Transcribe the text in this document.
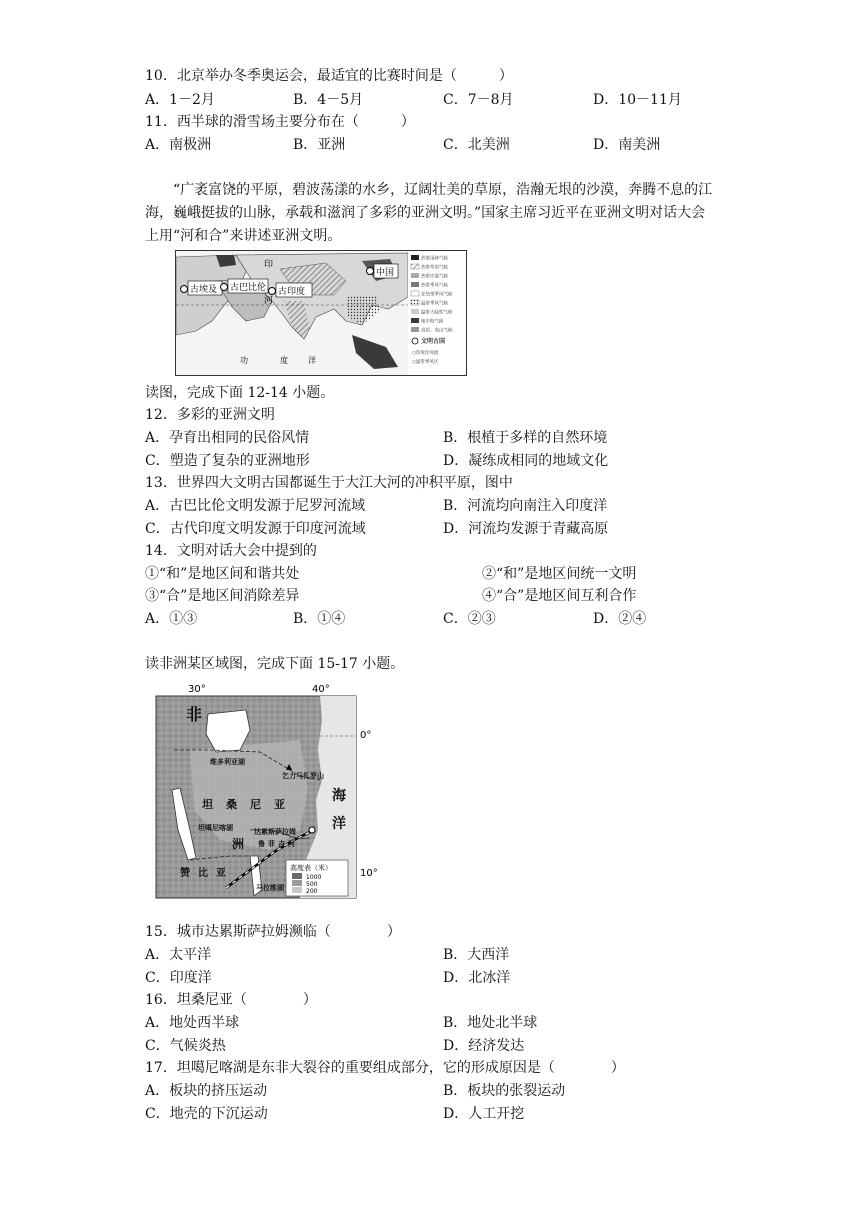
10．北京举办冬季奥运会，最适宜的比赛时间是（　　　）
A．1－2月	B．4－5月	C．7－8月	D．10－11月
11．西半球的滑雪场主要分布在（　　　）
A．南极洲	B．亚洲	C．北美洲	D．南美洲
“广袤富饶的平原，碧波荡漾的水乡，辽阔壮美的草原，浩瀚无垠的沙漠，奔腾不息的江海，巍峨挺拔的山脉，承载和滋润了多彩的亚洲文明。”国家主席习近平在亚洲文明对话大会上用“河和合”来讲述亚洲文明。
古埃及 古巴比伦 古印度
中国
印
河
功	度	洋
热带雨林气候
热带草原气候
热带沙漠气候
热带季风气候
亚热带季风气候
温带季风气候
温带大陆性气候
地中海气候
高原、高山气候
文明古国
○印度洋河流
○温带季风区
读图，完成下面 12-14 小题。
12．多彩的亚洲文明
A．孕育出相同的民俗风情	B．根植于多样的自然环境
C．塑造了复杂的亚洲地形	D．凝练成相同的地域文化
13．世界四大文明古国都诞生于大江大河的冲积平原，图中
A．古巴比伦文明发源于尼罗河流域	B．河流均向南注入印度洋
C．古代印度文明发源于印度河流域	D．河流均发源于青藏高原
14．文明对话大会中提到的
①“和”是地区间和谐共处	②“和”是地区间统一文明
③“合”是地区间消除差异	④“合”是地区间互利合作
A．①③	B．①④	C．②③	D．②④
读非洲某区域图，完成下面 15-17 小题。
30°	40°
0°
10°
非
维多利亚湖
乞力马扎罗山
坦 桑 尼 亚
坦噶尼喀湖
洲
达累斯萨拉姆
鲁 菲 吉 河
海
洋
赞 比 亚
马拉维湖
高度表（米）
1000
500
200
15．城市达累斯萨拉姆濒临（　　　　）
A．太平洋	B．大西洋
C．印度洋	D．北冰洋
16．坦桑尼亚（　　　　）
A．地处西半球	B．地处北半球
C．气候炎热	D．经济发达
17．坦噶尼喀湖是东非大裂谷的重要组成部分，它的形成原因是（　　　　）
A．板块的挤压运动	B．板块的张裂运动
C．地壳的下沉运动	D．人工开挖
